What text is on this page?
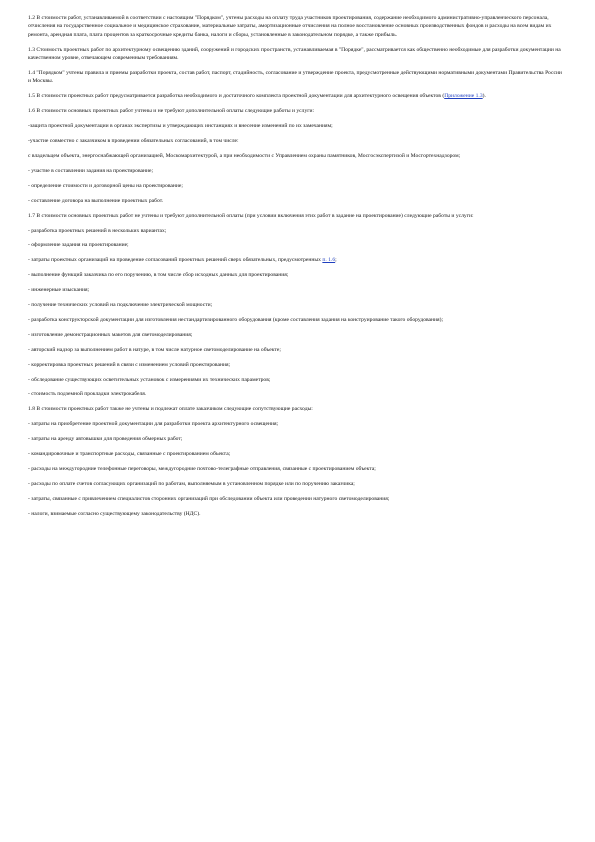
1.2 В стоимости работ, устанавливаемой в соответствии с настоящим "Порядком", учтены расходы на оплату труда участников проектирования, содержание необходимого административно-управленческого персонала, отчисления на государственное социальное и медицинское страхование, материальные затраты, амортизационные отчисления на полное восстановление основных производственных фондов и расходы на всем видам их ремонта, арендная плата, плата процентов за краткосрочные кредиты банка, налоги и сборы, установленные в законодательном порядке, а также прибыль.

1.3 Стоимость проектных работ по архитектурному освещению зданий, сооружений и городских пространств, устанавливаемая в "Порядке", рассматривается как общественно необходимые для разработки документации на качественном уровне, отвечающем современным требованиям.

1.4 "Порядком" учтены правила и приемы разработки проекта, состав работ, паспорт, стадийность, согласование и утверждение проекта, предусмотренные действующими нормативными документами Правительства России и Москвы.

1.5 В стоимости проектных работ предусматривается разработка необходимого и достаточного комплекта проектной документации для архитектурного освещения объектов (Приложение 1.3).

1.6 В стоимости основных проектных работ учтены и не требуют дополнительной оплаты следующие работы и услуги:

-защита проектной документации в органах экспертизы и утверждающих инстанциях и внесение изменений по их замечаниям;

-участие совместно с заказчиком в проведении обязательных согласований, в том числе:

с владельцем объекта, энергоснабжающей организацией, Москомархитектурой, а при необходимости с Управлением охраны памятников, Мосгосэкспертизой и Мосгортехнадзором;

- участие в составлении задания на проектирование;

- определение стоимости и договорной цены на проектирование;

- составление договора на выполнение проектных работ.

1.7 В стоимости основных проектных работ не учтены и требуют дополнительной оплаты (при условии включения этих работ в задание на проектирование) следующие работы и услуги:

- разработка проектных решений в нескольких вариантах;

- оформление задания на проектирование;

- затраты проектных организаций на проведение согласований проектных решений сверх обязательных, предусмотренных п. 1.6;

- выполнение функций заказчика по его поручению, в том числе сбор исходных данных для проектирования;

- инженерные изыскания;

- получение технических условий на подключение электрической мощности;

- разработка конструкторской документации для изготовления нестандартизированного оборудования (кроме составления задания на конструирование такого оборудования);

- изготовление демонстрационных макетов для светомоделирования;

- авторский надзор за выполнением работ в натуре, в том числе натурное светомоделирование на объекте;

- корректировка проектных решений в связи с изменением условий проектирования;

- обследование существующих осветительных установок с измерениями их технических параметров;

- стоимость подземной прокладки электрокабеля.

1.8 В стоимости проектных работ также не учтены и подлежат оплате заказчиком следующие сопутствующие расходы:

- затраты на приобретение проектной документации для разработки проекта архитектурного освещения;

- затраты на аренду автовышки для проведения обмерных работ;

- командировочные и транспортные расходы, связанные с проектированием объекта;

- расходы на междугородние телефонные переговоры, междугородние почтово-телеграфные отправления, связанные с проектированием объекта;

- расходы по оплате счетов согласующих организаций по работам, выполняемым в установленном порядке или по поручению заказчика;

- затраты, связанные с привлечением специалистов сторонних организаций при обследовании объекта или проведении натурного светомоделирования;

- налоги, взимаемые согласно существующему законодательству (НДС).
